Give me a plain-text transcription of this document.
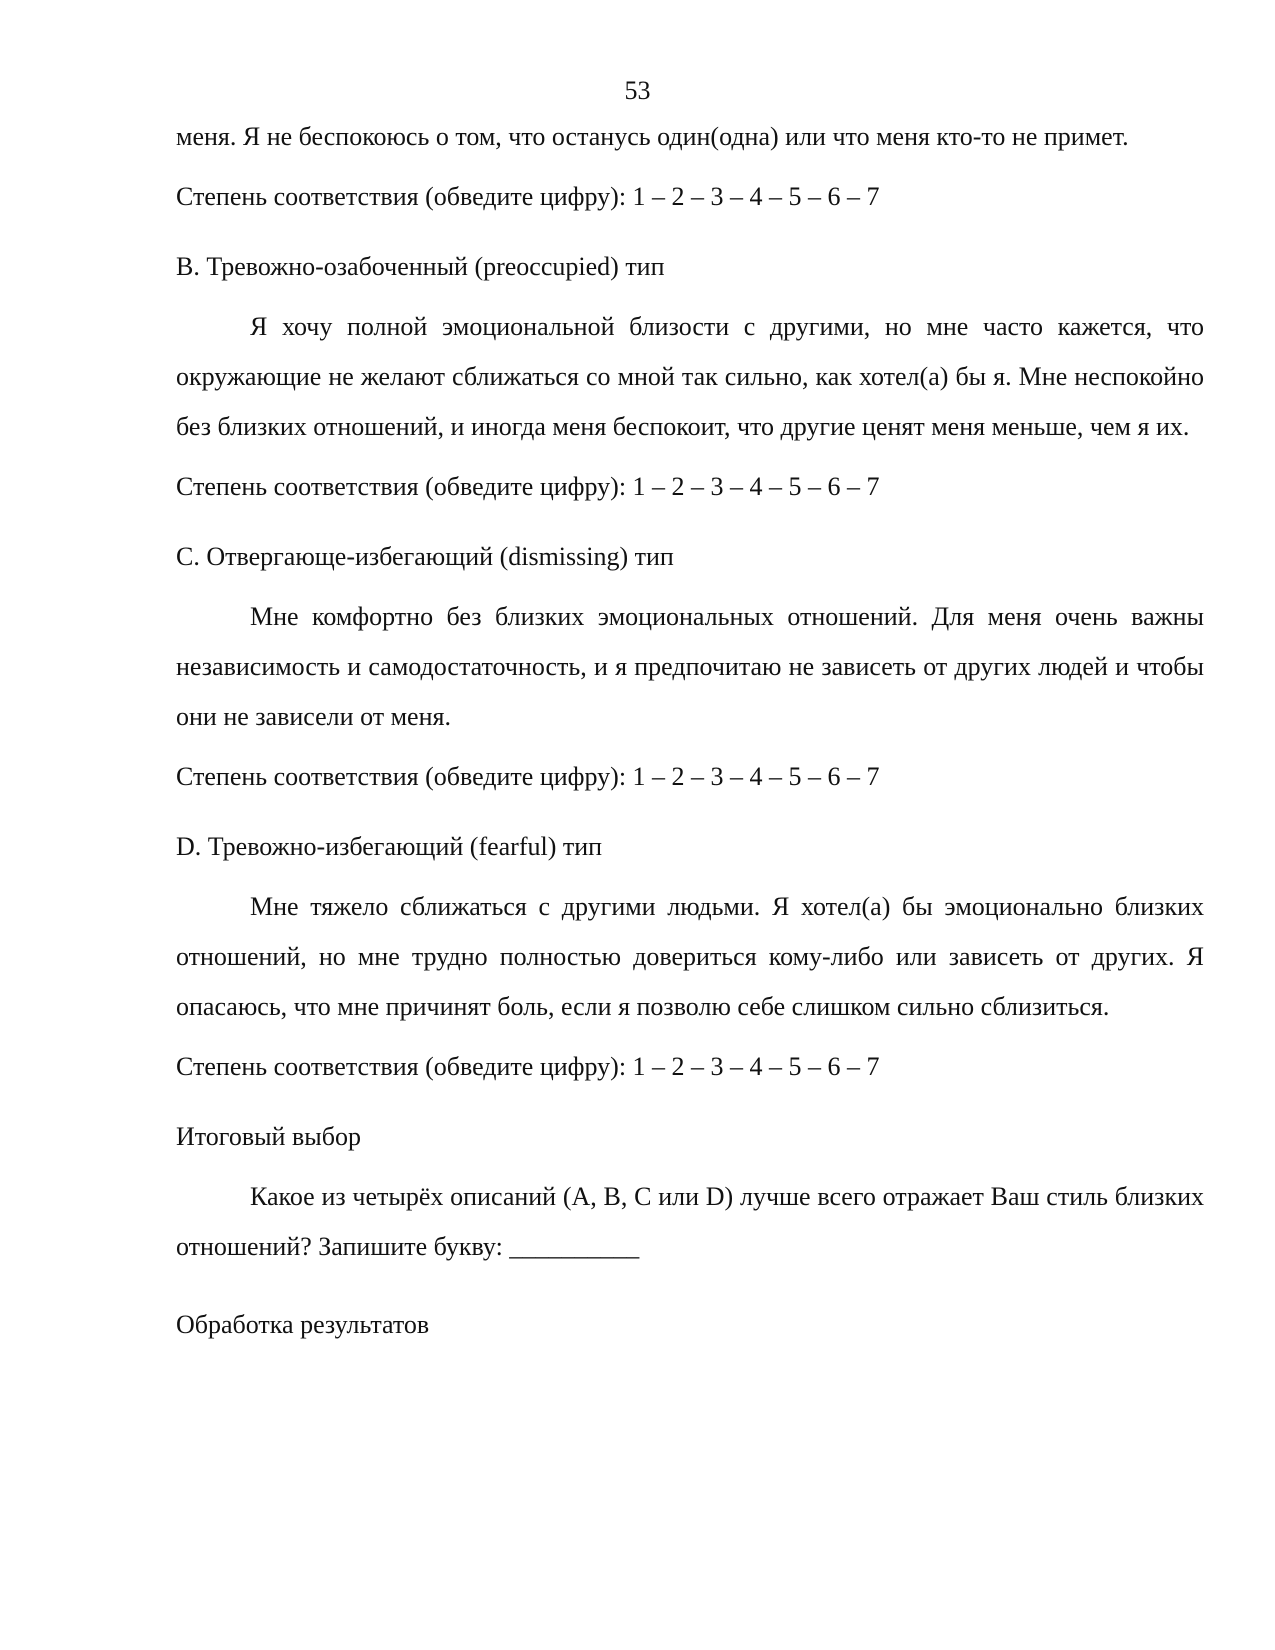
53

меня. Я не беспокоюсь о том, что останусь один(одна) или что меня кто-то не примет.

Степень соответствия (обведите цифру): 1 – 2 – 3 – 4 – 5 – 6 – 7

B. Тревожно-озабоченный (preoccupied) тип

Я хочу полной эмоциональной близости с другими, но мне часто кажется, что окружающие не желают сближаться со мной так сильно, как хотел(а) бы я. Мне неспокойно без близких отношений, и иногда меня беспокоит, что другие ценят меня меньше, чем я их.

Степень соответствия (обведите цифру): 1 – 2 – 3 – 4 – 5 – 6 – 7

C. Отвергающе-избегающий (dismissing) тип

Мне комфортно без близких эмоциональных отношений. Для меня очень важны независимость и самодостаточность, и я предпочитаю не зависеть от других людей и чтобы они не зависели от меня.

Степень соответствия (обведите цифру): 1 – 2 – 3 – 4 – 5 – 6 – 7

D. Тревожно-избегающий (fearful) тип

Мне тяжело сближаться с другими людьми. Я хотел(а) бы эмоционально близких отношений, но мне трудно полностью довериться кому-либо или зависеть от других. Я опасаюсь, что мне причинят боль, если я позволю себе слишком сильно сблизиться.

Степень соответствия (обведите цифру): 1 – 2 – 3 – 4 – 5 – 6 – 7

Итоговый выбор

Какое из четырёх описаний (A, B, C или D) лучше всего отражает Ваш стиль близких отношений? Запишите букву: __________

Обработка результатов
